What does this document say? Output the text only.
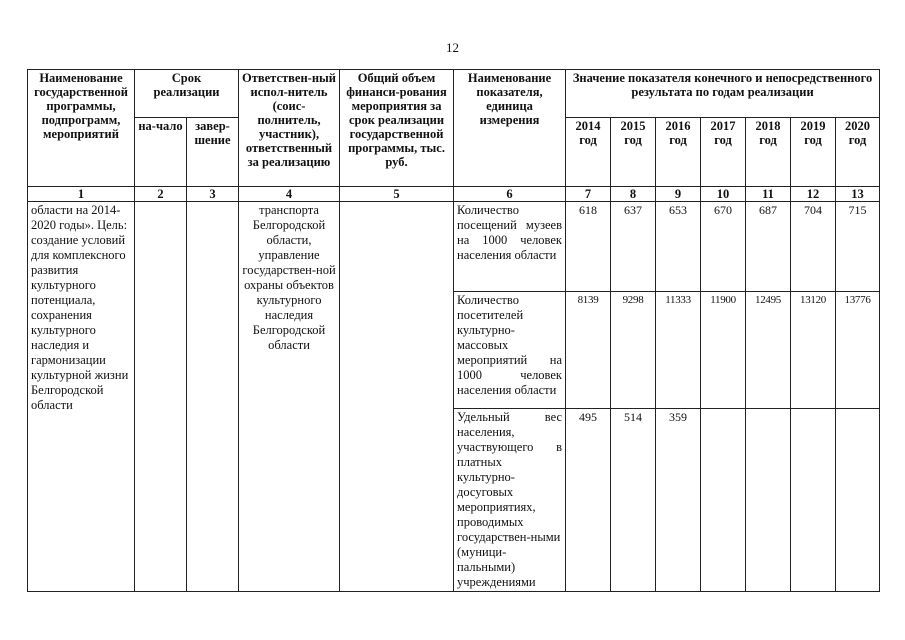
12
Наименование государственной программы, подпрограмм, мероприятий	Срок реализации		Ответствен-ный испол-нитель (соис-полнитель, участник), ответственный за реализацию	Общий объем финанси-рования мероприятия за срок реализации государственной программы, тыс. руб.	Наименование показателя, единица измерения	Значение показателя конечного и непосредственного результата по годам реализации						
	на-чало	завер-шение				2014 год	2015 год	2016 год	2017 год	2018 год	2019 год	2020 год
1	2	3	4	5	6	7	8	9	10	11	12	13
области на 2014-2020 годы». Цель: создание условий для комплексного развития культурного потенциала, сохранения культурного наследия и гармонизации культурной жизни Белгородской области			транспорта Белгородской области, управление государствен-ной охраны объектов культурного наследия Белгородской области		Количество посещений музеев на 1000 человек населения области	618	637	653	670	687	704	715
					Количество посетителей культурно-массовых мероприятий на 1000 человек населения области	8139	9298	11333	11900	12495	13120	13776
					Удельный вес населения, участвующего в платных культурно-досуговых мероприятиях, проводимых государствен-ными (муници-пальными) учреждениями	495	514	359				
